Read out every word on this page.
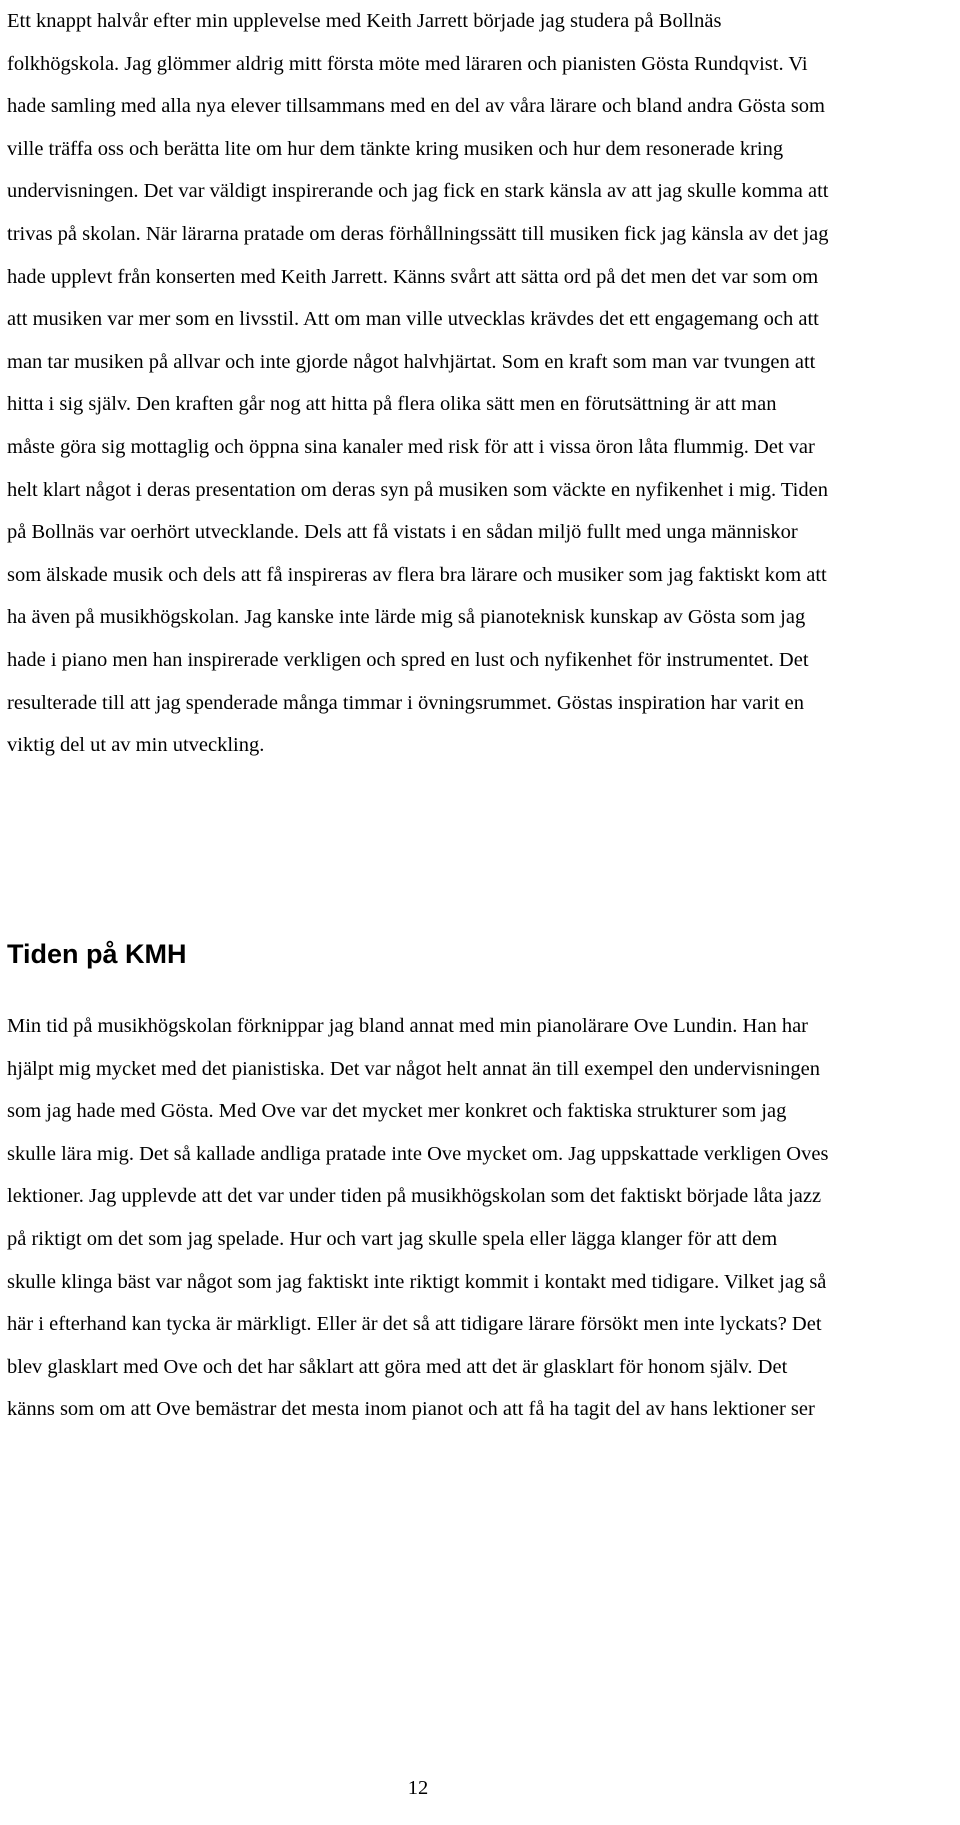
Ett knappt halvår efter min upplevelse med Keith Jarrett började jag studera på Bollnäs folkhögskola. Jag glömmer aldrig mitt första möte med läraren och pianisten Gösta Rundqvist. Vi hade samling med alla nya elever tillsammans med en del av våra lärare och bland andra Gösta som ville träffa oss och berätta lite om hur dem tänkte kring musiken och hur dem resonerade kring undervisningen. Det var väldigt inspirerande och jag fick en stark känsla av att jag skulle komma att trivas på skolan. När lärarna pratade om deras förhållningssätt till musiken fick jag känsla av det jag hade upplevt från konserten med Keith Jarrett. Känns svårt att sätta ord på det men det var som om att musiken var mer som en livsstil. Att om man ville utvecklas krävdes det ett engagemang och att man tar musiken på allvar och inte gjorde något halvhjärtat. Som en kraft som man var tvungen att hitta i sig själv. Den kraften går nog att hitta på flera olika sätt men en förutsättning är att man måste göra sig mottaglig och öppna sina kanaler med risk för att i vissa öron låta flummig. Det var helt klart något i deras presentation om deras syn på musiken som väckte en nyfikenhet i mig. Tiden på Bollnäs var oerhört utvecklande. Dels att få vistats i en sådan miljö fullt med unga människor som älskade musik och dels att få inspireras av flera bra lärare och musiker som jag faktiskt kom att ha även på musikhögskolan. Jag kanske inte lärde mig så pianoteknisk kunskap av Gösta som jag hade i piano men han inspirerade verkligen och spred en lust och nyfikenhet för instrumentet. Det resulterade till att jag spenderade många timmar i övningsrummet. Göstas inspiration har varit en viktig del ut av min utveckling.

Tiden på KMH

Min tid på musikhögskolan förknippar jag bland annat med min pianolärare Ove Lundin. Han har hjälpt mig mycket med det pianistiska. Det var något helt annat än till exempel den undervisningen som jag hade med Gösta. Med Ove var det mycket mer konkret och faktiska strukturer som jag skulle lära mig. Det så kallade andliga pratade inte Ove mycket om. Jag uppskattade verkligen Oves lektioner. Jag upplevde att det var under tiden på musikhögskolan som det faktiskt började låta jazz på riktigt om det som jag spelade. Hur och vart jag skulle spela eller lägga klanger för att dem skulle klinga bäst var något som jag faktiskt inte riktigt kommit i kontakt med tidigare. Vilket jag så här i efterhand kan tycka är märkligt. Eller är det så att tidigare lärare försökt men inte lyckats? Det blev glasklart med Ove och det har såklart att göra med att det är glasklart för honom själv. Det känns som om att Ove bemästrar det mesta inom pianot och att få ha tagit del av hans lektioner ser

12
